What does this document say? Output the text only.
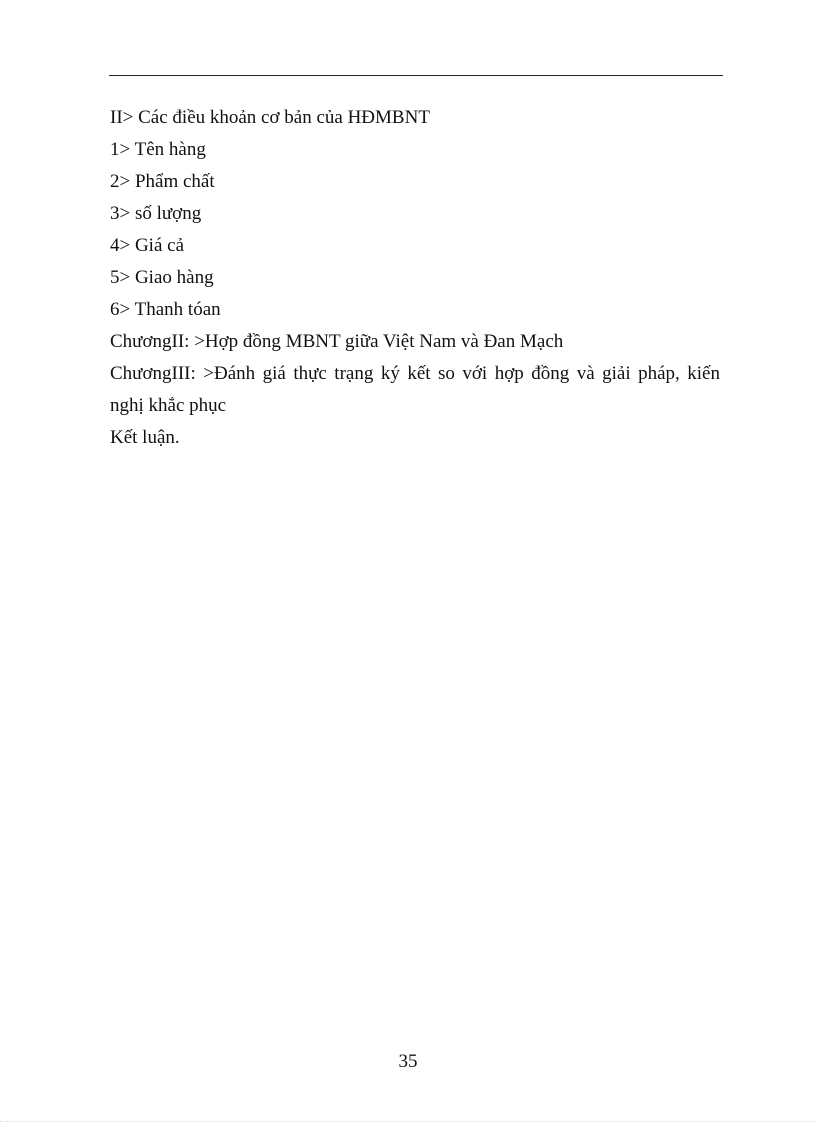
II> Các điều khoản cơ bản của HĐMBNT

1> Tên hàng

2> Phẩm chất

3> số lượng

4> Giá cả

5> Giao hàng

6> Thanh tóan

ChươngII: >Hợp đồng MBNT giữa Việt Nam và Đan Mạch

ChươngIII: >Đánh giá thực trạng ký kết so với hợp đồng và giải pháp, kiến nghị khắc phục

Kết luận.

35
